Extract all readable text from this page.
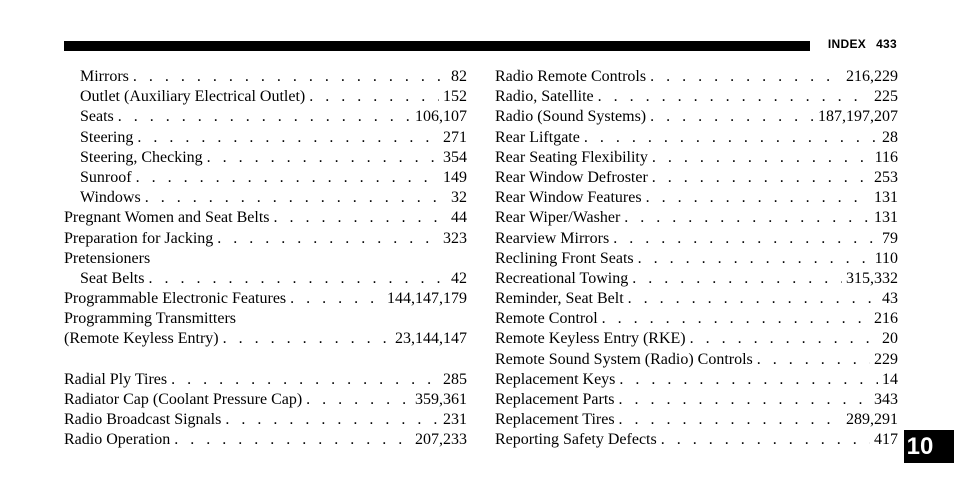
INDEX 433
Mirrors . . .	82
Outlet (Auxiliary Electrical Outlet) . . .	152
Seats . . .	106,107
Steering . . .	271
Steering, Checking . . .	354
Sunroof . . .	149
Windows . . .	32
Pregnant Women and Seat Belts . . .	44
Preparation for Jacking . . .	323
Pretensioners
Seat Belts . . .	42
Programmable Electronic Features . . .	144,147,179
Programming Transmitters
(Remote Keyless Entry) . . .	23,144,147
Radial Ply Tires . . .	285
Radiator Cap (Coolant Pressure Cap) . . .	359,361
Radio Broadcast Signals . . .	231
Radio Operation . . .	207,233
Radio Remote Controls . . .	216,229
Radio, Satellite . . .	225
Radio (Sound Systems) . . .	187,197,207
Rear Liftgate . . .	28
Rear Seating Flexibility . . .	116
Rear Window Defroster . . .	253
Rear Window Features . . .	131
Rear Wiper/Washer . . .	131
Rearview Mirrors . . .	79
Reclining Front Seats . . .	110
Recreational Towing . . .	315,332
Reminder, Seat Belt . . .	43
Remote Control . . .	216
Remote Keyless Entry (RKE) . . .	20
Remote Sound System (Radio) Controls . . .	229
Replacement Keys . . .	14
Replacement Parts . . .	343
Replacement Tires . . .	289,291
Reporting Safety Defects . . .	417 10
